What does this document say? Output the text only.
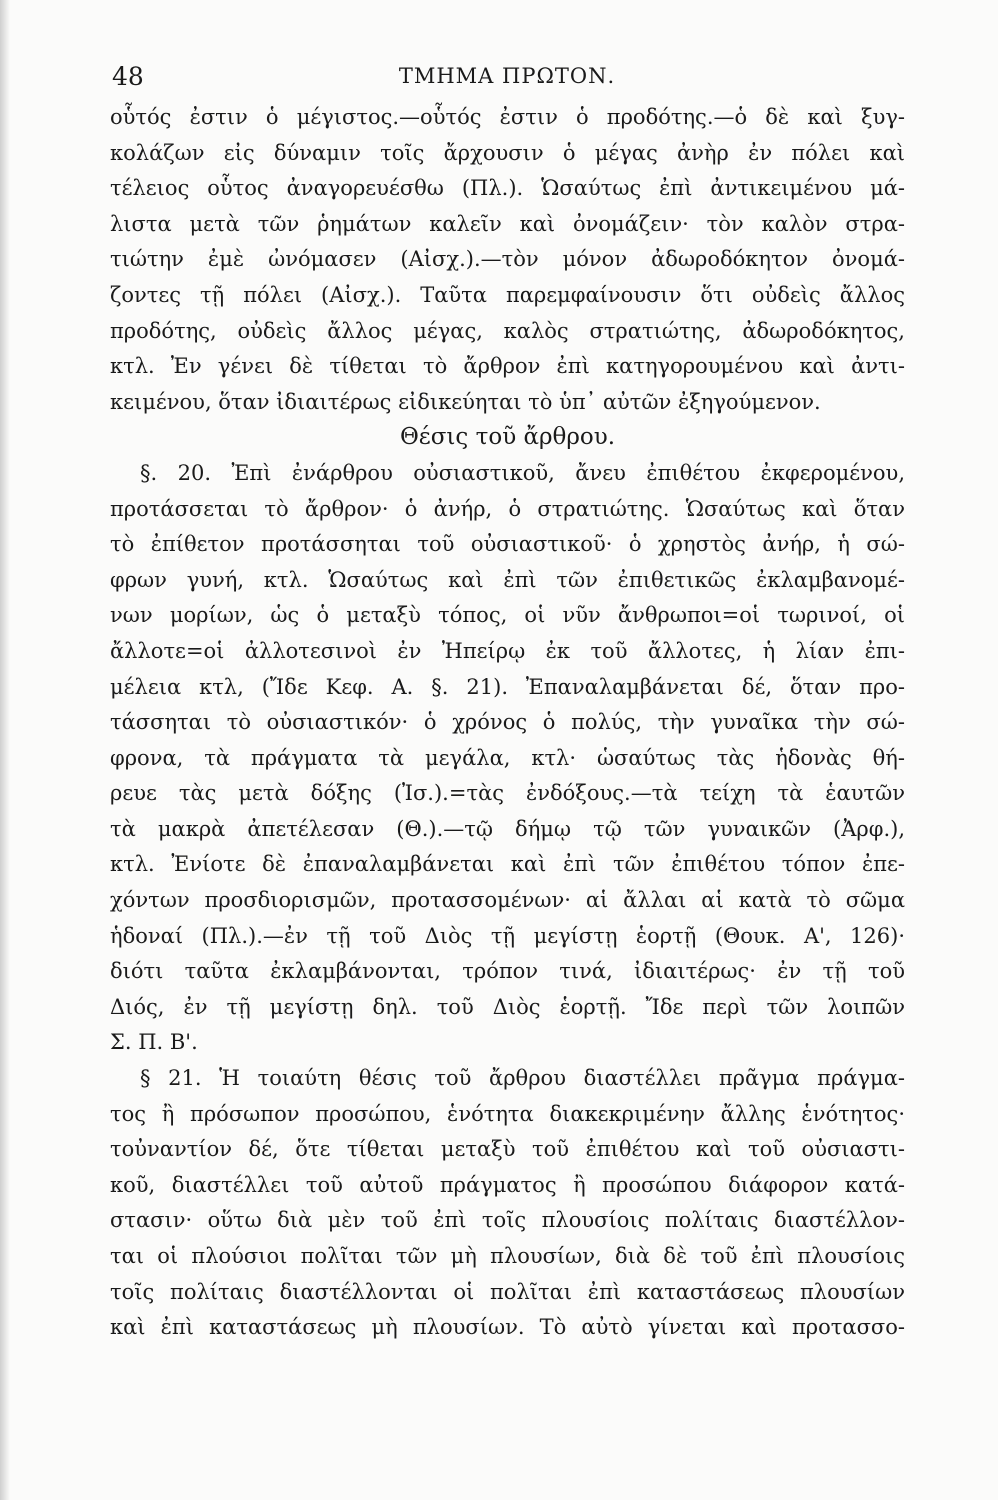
48	ΤΜΗΜΑ ΠΡΩΤΟΝ.
οὗτός ἐστιν ὁ μέγιστος.—οὗτός ἐστιν ὁ προδότης.—ὁ δὲ καὶ ξυγ-
κολάζων εἰς δύναμιν τοῖς ἄρχουσιν ὁ μέγας ἀνὴρ ἐν πόλει καὶ
τέλειος οὗτος ἀναγορευέσθω (Πλ.). Ὡσαύτως ἐπὶ ἀντικειμένου μά-
λιστα μετὰ τῶν ῥημάτων καλεῖν καὶ ὀνομάζειν· τὸν καλὸν στρα-
τιώτην ἐμὲ ὠνόμασεν (Αἰσχ.).—τὸν μόνον ἀδωροδόκητον ὀνομά-
ζοντες τῇ πόλει (Αἰσχ.). Ταῦτα παρεμφαίνουσιν ὅτι οὐδεὶς ἄλλος
προδότης, οὐδεὶς ἄλλος μέγας, καλὸς στρατιώτης, ἀδωροδόκητος,
κτλ. Ἐν γένει δὲ τίθεται τὸ ἄρθρον ἐπὶ κατηγορουμένου καὶ ἀντι-
κειμένου, ὅταν ἰδιαιτέρως εἰδικεύηται τὸ ὑπ᾽ αὐτῶν ἐξηγούμενον.
Θέσις τοῦ ἄρθρου.
§. 20. Ἐπὶ ἐνάρθρου οὐσιαστικοῦ, ἄνευ ἐπιθέτου ἐκφερομένου,
προτάσσεται τὸ ἄρθρον· ὁ ἀνήρ, ὁ στρατιώτης. Ὡσαύτως καὶ ὅταν
τὸ ἐπίθετον προτάσσηται τοῦ οὐσιαστικοῦ· ὁ χρηστὸς ἀνήρ, ἡ σώ-
φρων γυνή, κτλ. Ὡσαύτως καὶ ἐπὶ τῶν ἐπιθετικῶς ἐκλαμβανομέ-
νων μορίων, ὡς ὁ μεταξὺ τόπος, οἱ νῦν ἄνθρωποι=οἱ τωρινοί, οἱ
ἄλλοτε=οἱ ἀλλοτεσινοὶ ἐν Ἠπείρῳ ἐκ τοῦ ἄλλοτες, ἡ λίαν ἐπι-
μέλεια κτλ, (Ἴδε Κεφ. Α. §. 21). Ἐπαναλαμβάνεται δέ, ὅταν προ-
τάσσηται τὸ οὐσιαστικόν· ὁ χρόνος ὁ πολύς, τὴν γυναῖκα τὴν σώ-
φρονα, τὰ πράγματα τὰ μεγάλα, κτλ· ὡσαύτως τὰς ἡδονὰς θή-
ρευε τὰς μετὰ δόξης (Ἰσ.).=τὰς ἐνδόξους.—τὰ τείχη τὰ ἑαυτῶν
τὰ μακρὰ ἀπετέλεσαν (Θ.).—τῷ δήμῳ τῷ τῶν γυναικῶν (Ἀρφ.),
κτλ. Ἐνίοτε δὲ ἐπαναλαμβάνεται καὶ ἐπὶ τῶν ἐπιθέτου τόπον ἐπε-
χόντων προσδιορισμῶν, προτασσομένων· αἱ ἄλλαι αἱ κατὰ τὸ σῶμα
ἡδοναί (Πλ.).—ἐν τῇ τοῦ Διὸς τῇ μεγίστῃ ἑορτῇ (Θουκ. Α', 126)·
διότι ταῦτα ἐκλαμβάνονται, τρόπον τινά, ἰδιαιτέρως· ἐν τῇ τοῦ
Διός, ἐν τῇ μεγίστῃ δηλ. τοῦ Διὸς ἑορτῇ. Ἴδε περὶ τῶν λοιπῶν
Σ. Π. Β'.
§ 21. Ἡ τοιαύτη θέσις τοῦ ἄρθρου διαστέλλει πρᾶγμα πράγμα-
τος ἢ πρόσωπον προσώπου, ἑνότητα διακεκριμένην ἄλλης ἑνότητος·
τοὐναντίον δέ, ὅτε τίθεται μεταξὺ τοῦ ἐπιθέτου καὶ τοῦ οὐσιαστι-
κοῦ, διαστέλλει τοῦ αὐτοῦ πράγματος ἢ προσώπου διάφορον κατά-
στασιν· οὕτω διὰ μὲν τοῦ ἐπὶ τοῖς πλουσίοις πολίταις διαστέλλον-
ται οἱ πλούσιοι πολῖται τῶν μὴ πλουσίων, διὰ δὲ τοῦ ἐπὶ πλουσίοις
τοῖς πολίταις διαστέλλονται οἱ πολῖται ἐπὶ καταστάσεως πλουσίων
καὶ ἐπὶ καταστάσεως μὴ πλουσίων. Τὸ αὐτὸ γίνεται καὶ προτασσο-
